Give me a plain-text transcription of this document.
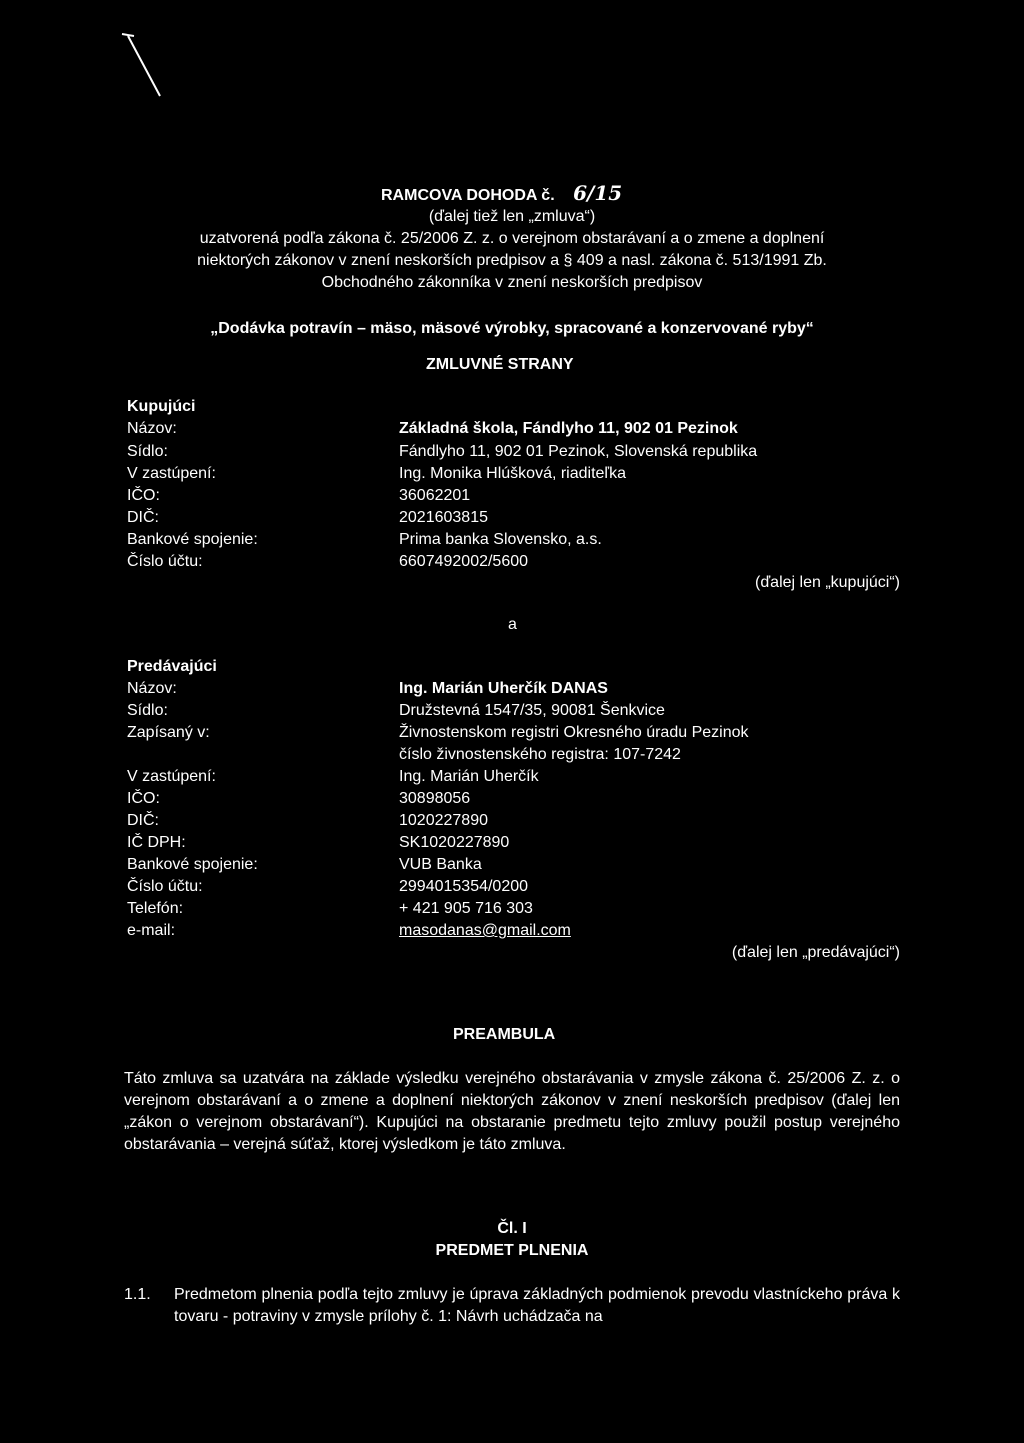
RAMCOVA DOHODA č. 6/15
(ďalej tiež len „zmluva“)
uzatvorená podľa zákona č. 25/2006 Z. z. o verejnom obstarávaní a o zmene a doplnení
niektorých zákonov v znení neskorších predpisov a § 409 a nasl. zákona č. 513/1991 Zb.
Obchodného zákonníka v znení neskorších predpisov
„Dodávka potravín – mäso, mäsové výrobky, spracované a konzervované ryby“
ZMLUVNÉ STRANY
Kupujúci
Názov:	Základná škola, Fándlyho 11, 902 01 Pezinok
Sídlo:	Fándlyho 11, 902 01 Pezinok, Slovenská republika
V zastúpení:	Ing. Monika Hlúšková, riaditeľka
IČO:	36062201
DIČ:	2021603815
Bankové spojenie:	Prima banka Slovensko, a.s.
Číslo účtu:	6607492002/5600
(ďalej len „kupujúci“)
a
Predávajúci
Názov:	Ing. Marián Uherčík DANAS
Sídlo:	Družstevná 1547/35, 90081 Šenkvice
Zapísaný v:	Živnostenskom registri Okresného úradu Pezinok
číslo živnostenského registra: 107-7242
V zastúpení:	Ing. Marián Uherčík
IČO:	30898056
DIČ:	1020227890
IČ DPH:	SK1020227890
Bankové spojenie:	VUB Banka
Číslo účtu:	2994015354/0200
Telefón:	+ 421 905 716 303
e-mail:	masodanas@gmail.com
(ďalej len „predávajúci“)
PREAMBULA
Táto zmluva sa uzatvára na základe výsledku verejného obstarávania v zmysle zákona č. 25/2006 Z. z. o verejnom obstarávaní a o zmene a doplnení niektorých zákonov v znení neskorších predpisov (ďalej len „zákon o verejnom obstarávaní“). Kupujúci na obstaranie predmetu tejto zmluvy použil postup verejného obstarávania – verejná súťaž, ktorej výsledkom je táto zmluva.
Čl. I
PREDMET PLNENIA
1.1. Predmetom plnenia podľa tejto zmluvy je úprava základných podmienok prevodu vlastníckeho práva k tovaru - potraviny v zmysle prílohy č. 1: Návrh uchádzača na
